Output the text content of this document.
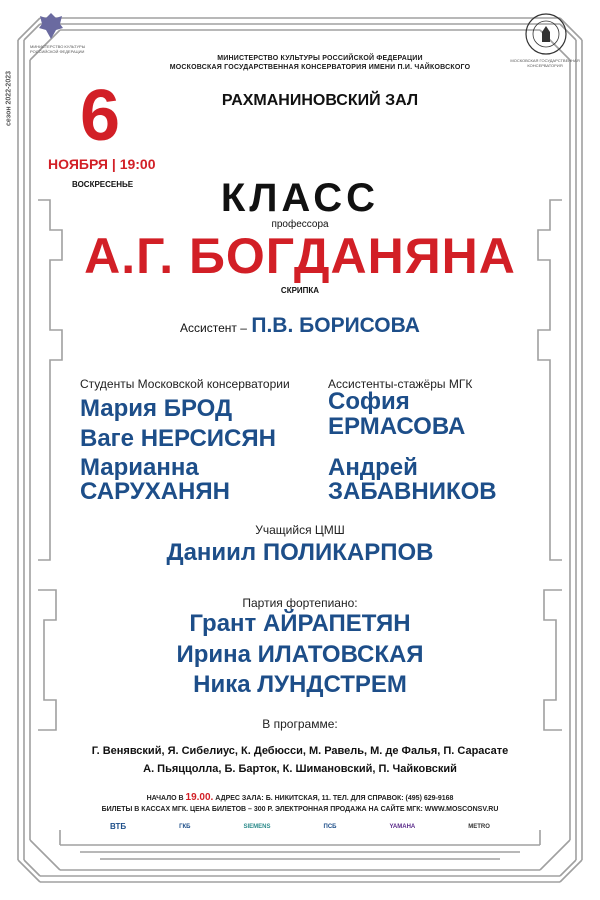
МИНИСТЕРСТВО КУЛЬТУРЫ РОССИЙСКОЙ ФЕДЕРАЦИИ
МОСКОВСКАЯ ГОСУДАРСТВЕННАЯ КОНСЕРВАТОРИЯ
сезон 2022-2023
МИНИСТЕРСТВО КУЛЬТУРЫ РОССИЙСКОЙ ФЕДЕРАЦИИ
МОСКОВСКАЯ ГОСУДАРСТВЕННАЯ КОНСЕРВАТОРИЯ ИМЕНИ П.И. ЧАЙКОВСКОГО
РАХМАНИНОВСКИЙ ЗАЛ
6
НОЯБРЯ | 19:00
ВОСКРЕСЕНЬЕ	КЛАСС
профессора
А.Г. БОГДАНЯНА
СКРИПКА
Ассистент – П.В. БОРИСОВА
Студенты Московской консерватории
Мария БРОД
Ваге НЕРСИСЯН
Марианна
САРУХАНЯН
Ассистенты-стажёры МГК
София
ЕРМАСОВА
Андрей
ЗАБАВНИКОВ
Учащийся ЦМШ
Даниил ПОЛИКАРПОВ
Партия фортепиано:
Грант АЙРАПЕТЯН
Ирина ИЛАТОВСКАЯ
Ника ЛУНДСТРЕМ
В программе:
Г. Венявский, Я. Сибелиус, К. Дебюсси, М. Равель, М. де Фалья, П. Сарасате
А. Пьяццолла, Б. Барток, К. Шимановский, П. Чайковский
НАЧАЛО В 19.00. АДРЕС ЗАЛА: Б. НИКИТСКАЯ, 11. ТЕЛ. ДЛЯ СПРАВОК: (495) 629-9168
БИЛЕТЫ В КАССАХ МГК. ЦЕНА БИЛЕТОВ – 300 Р. ЭЛЕКТРОННАЯ ПРОДАЖА НА САЙТЕ МГК: WWW.MOSCONSV.RU
ВТБ	ГКБ	SIEMENS	ПСБ	YAMAHA	METRO
